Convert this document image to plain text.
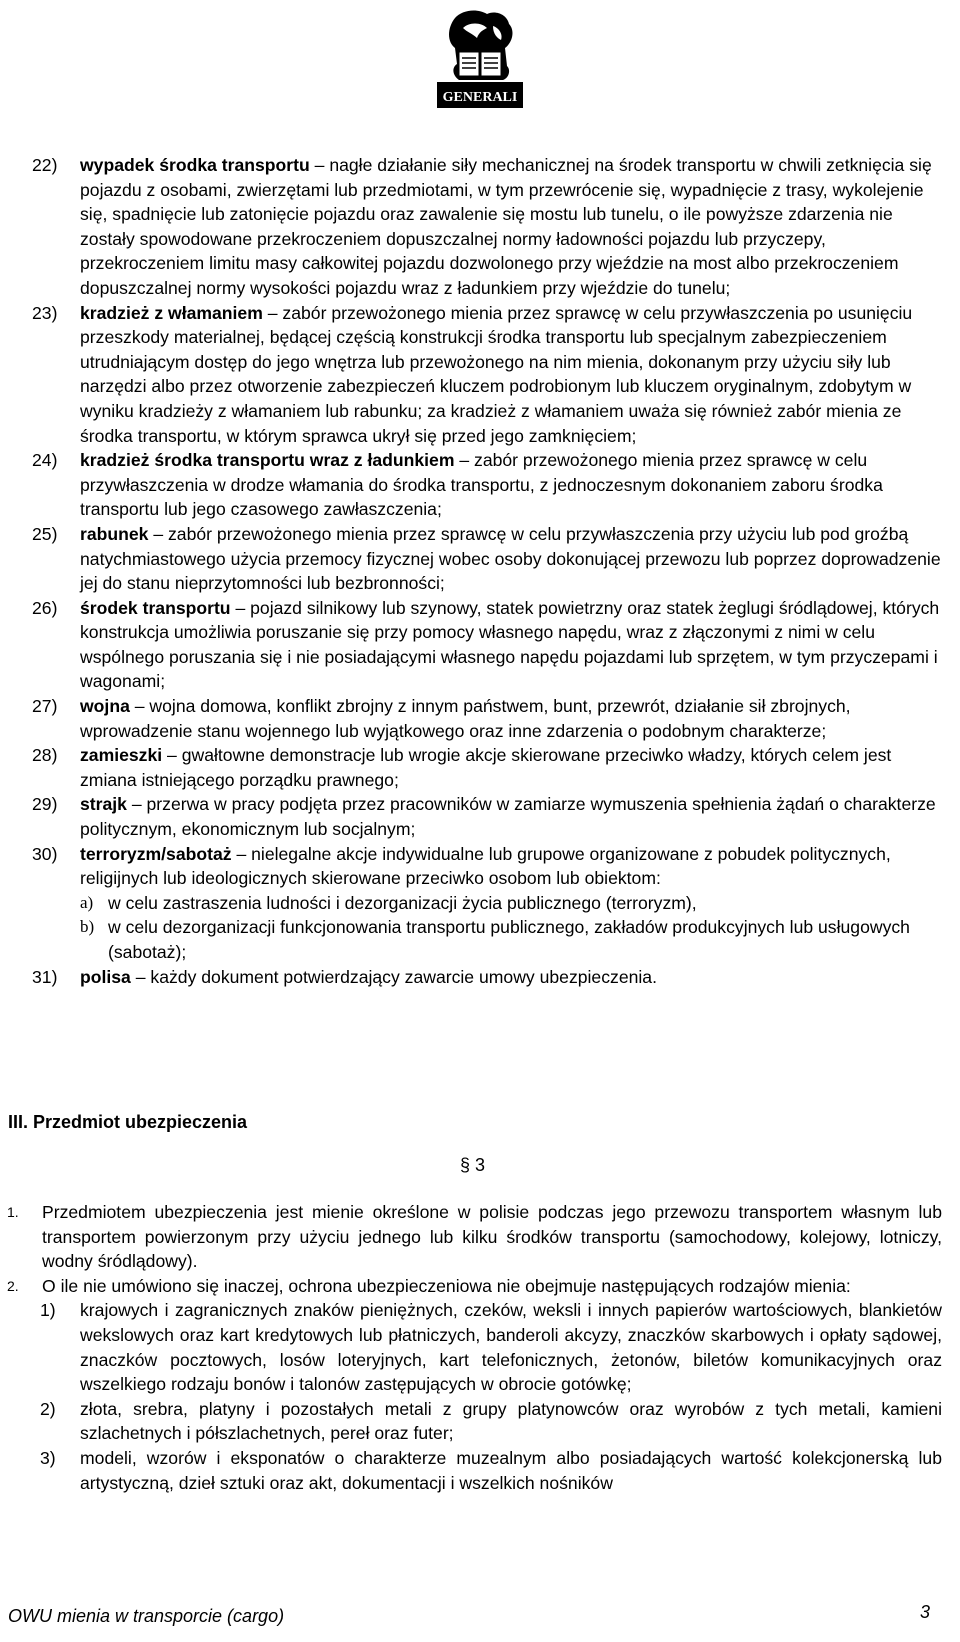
GENERALI
22)	wypadek środka transportu – nagłe działanie siły mechanicznej na środek transportu w chwili zetknięcia się pojazdu z osobami, zwierzętami lub przedmiotami, w tym przewrócenie się, wypadnięcie z trasy, wykolejenie się, spadnięcie lub zatonięcie pojazdu oraz zawalenie się mostu lub tunelu, o ile powyższe zdarzenia nie zostały spowodowane przekroczeniem dopuszczalnej normy ładowności pojazdu lub przyczepy, przekroczeniem limitu masy całkowitej pojazdu dozwolonego przy wjeździe na most albo przekroczeniem dopuszczalnej normy wysokości pojazdu wraz z ładunkiem przy wjeździe do tunelu;
23)	kradzież z włamaniem – zabór przewożonego mienia przez sprawcę w celu przywłaszczenia po usunięciu przeszkody materialnej, będącej częścią konstrukcji środka transportu lub specjalnym zabezpieczeniem utrudniającym dostęp do jego wnętrza lub przewożonego na nim mienia, dokonanym przy użyciu siły lub narzędzi albo przez otworzenie zabezpieczeń kluczem podrobionym lub kluczem oryginalnym, zdobytym w wyniku kradzieży z włamaniem lub rabunku; za kradzież z włamaniem uważa się również zabór mienia ze środka transportu, w którym sprawca ukrył się przed jego zamknięciem;
24)	kradzież środka transportu wraz z ładunkiem – zabór przewożonego mienia przez sprawcę w celu przywłaszczenia w drodze włamania do środka transportu, z jednoczesnym dokonaniem zaboru środka transportu lub jego czasowego zawłaszczenia;
25)	rabunek – zabór przewożonego mienia przez sprawcę w celu przywłaszczenia przy użyciu lub pod groźbą natychmiastowego użycia przemocy fizycznej wobec osoby dokonującej przewozu lub poprzez doprowadzenie jej do stanu nieprzytomności lub bezbronności;
26)	środek transportu – pojazd silnikowy lub szynowy, statek powietrzny oraz statek żeglugi śródlądowej, których konstrukcja umożliwia poruszanie się przy pomocy własnego napędu, wraz z złączonymi z nimi w celu wspólnego poruszania się i nie posiadającymi własnego napędu pojazdami lub sprzętem, w tym przyczepami i wagonami;
27)	wojna – wojna domowa, konflikt zbrojny z innym państwem, bunt, przewrót, działanie sił zbrojnych, wprowadzenie stanu wojennego lub wyjątkowego oraz inne zdarzenia o podobnym charakterze;
28)	zamieszki – gwałtowne demonstracje lub wrogie akcje skierowane przeciwko władzy, których celem jest zmiana istniejącego porządku prawnego;
29)	strajk – przerwa w pracy podjęta przez pracowników w zamiarze wymuszenia spełnienia żądań o charakterze politycznym, ekonomicznym lub socjalnym;
30)	terroryzm/sabotaż – nielegalne akcje indywidualne lub grupowe organizowane z pobudek politycznych, religijnych lub ideologicznych skierowane przeciwko osobom lub obiektom:
a) w celu zastraszenia ludności i dezorganizacji życia publicznego (terroryzm),
b) w celu dezorganizacji funkcjonowania transportu publicznego, zakładów produkcyjnych lub usługowych (sabotaż);
31)	polisa – każdy dokument potwierdzający zawarcie umowy ubezpieczenia.
III. Przedmiot ubezpieczenia
§ 3
1. Przedmiotem ubezpieczenia jest mienie określone w polisie podczas jego przewozu transportem własnym lub transportem powierzonym przy użyciu jednego lub kilku środków transportu (samochodowy, kolejowy, lotniczy, wodny śródlądowy).
2. O ile nie umówiono się inaczej, ochrona ubezpieczeniowa nie obejmuje następujących rodzajów mienia:
1) krajowych i zagranicznych znaków pieniężnych, czeków, weksli i innych papierów wartościowych, blankietów wekslowych oraz kart kredytowych lub płatniczych, banderoli akcyzy, znaczków skarbowych i opłaty sądowej, znaczków pocztowych, losów loteryjnych, kart telefonicznych, żetonów, biletów komunikacyjnych oraz wszelkiego rodzaju bonów i talonów zastępujących w obrocie gotówkę;
2) złota, srebra, platyny i pozostałych metali z grupy platynowców oraz wyrobów z tych metali, kamieni szlachetnych i półszlachetnych, pereł oraz futer;
3) modeli, wzorów i eksponatów o charakterze muzealnym albo posiadających wartość kolekcjonerską lub artystyczną, dzieł sztuki oraz akt, dokumentacji i wszelkich nośników
OWU mienia w transporcie (cargo)	3
